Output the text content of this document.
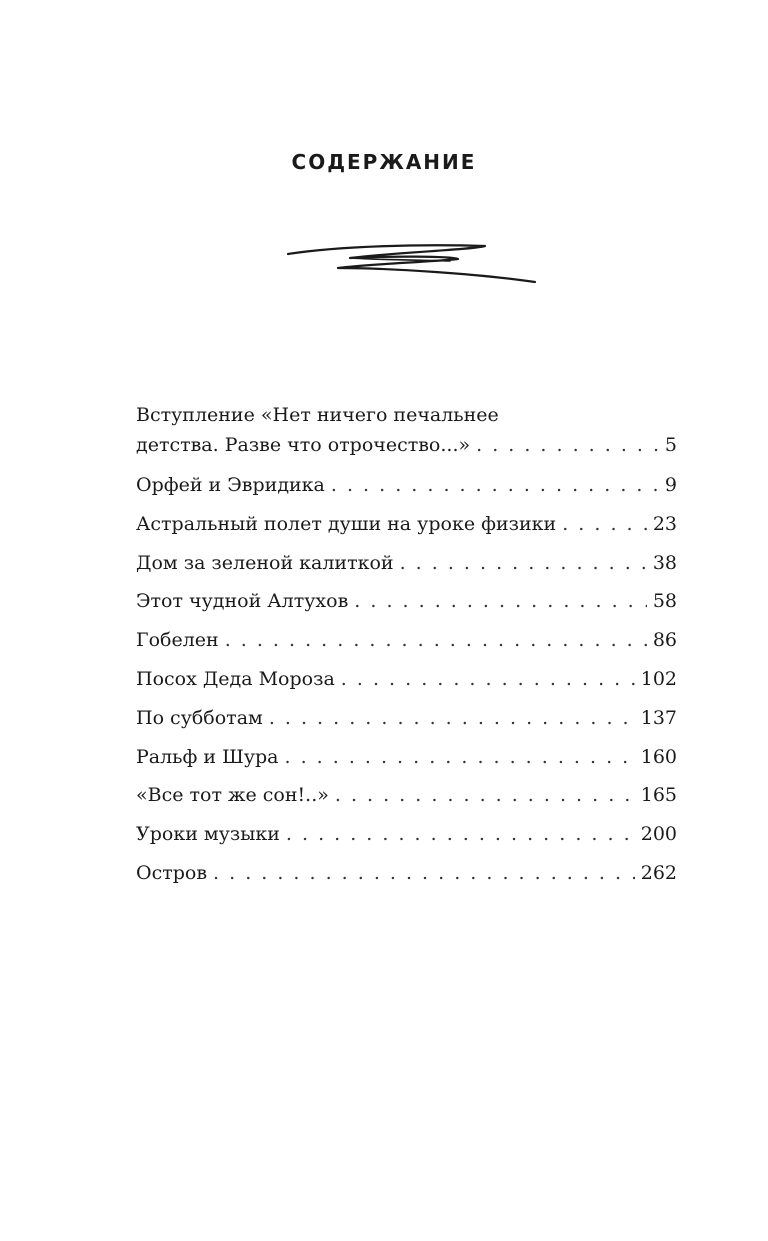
СОДЕРЖАНИЕ
Вступление «Нет ничего печальнее
детства. Разве что отрочество...» . . .	5
Орфей и Эвридика . . .	9
Астральный полет души на уроке физики . . .	23
Дом за зеленой калиткой . . .	38
Этот чудной Алтухов . . .	58
Гобелен . . .	86
Посох Деда Мороза . . .	102
По субботам . . .	137
Ральф и Шура . . .	160
«Все тот же сон!..» . . .	165
Уроки музыки . . .	200
Остров . . .	262
